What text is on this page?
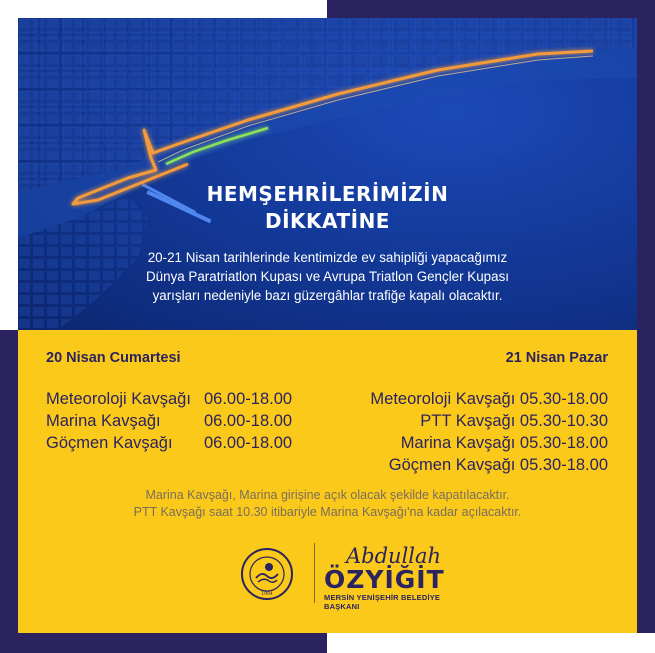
HEMŞEHRİLERİMİZİN
DİKKATİNE
20-21 Nisan tarihlerinde kentimizde ev sahipliği yapacağımız
Dünya Paratriatlon Kupası ve Avrupa Triatlon Gençler Kupası
yarışları nedeniyle bazı güzergâhlar trafiğe kapalı olacaktır.
20 Nisan Cumartesi	21 Nisan Pazar
Meteoroloji Kavşağı 06.00-18.00
Marina Kavşağı	06.00-18.00
Göçmen Kavşağı 06.00-18.00
Meteoroloji Kavşağı 05.30-18.00
PTT Kavşağı 05.30-10.30
Marina Kavşağı 05.30-18.00
Göçmen Kavşağı 05.30-18.00
Marina Kavşağı, Marina girişine açık olacak şekilde kapatılacaktır.
PTT Kavşağı saat 10.30 itibariyle Marina Kavşağı'na kadar açılacaktır.
1994
Abdullah
ÖZYİĞİT
MERSİN YENİŞEHİR BELEDİYE BAŞKANI
